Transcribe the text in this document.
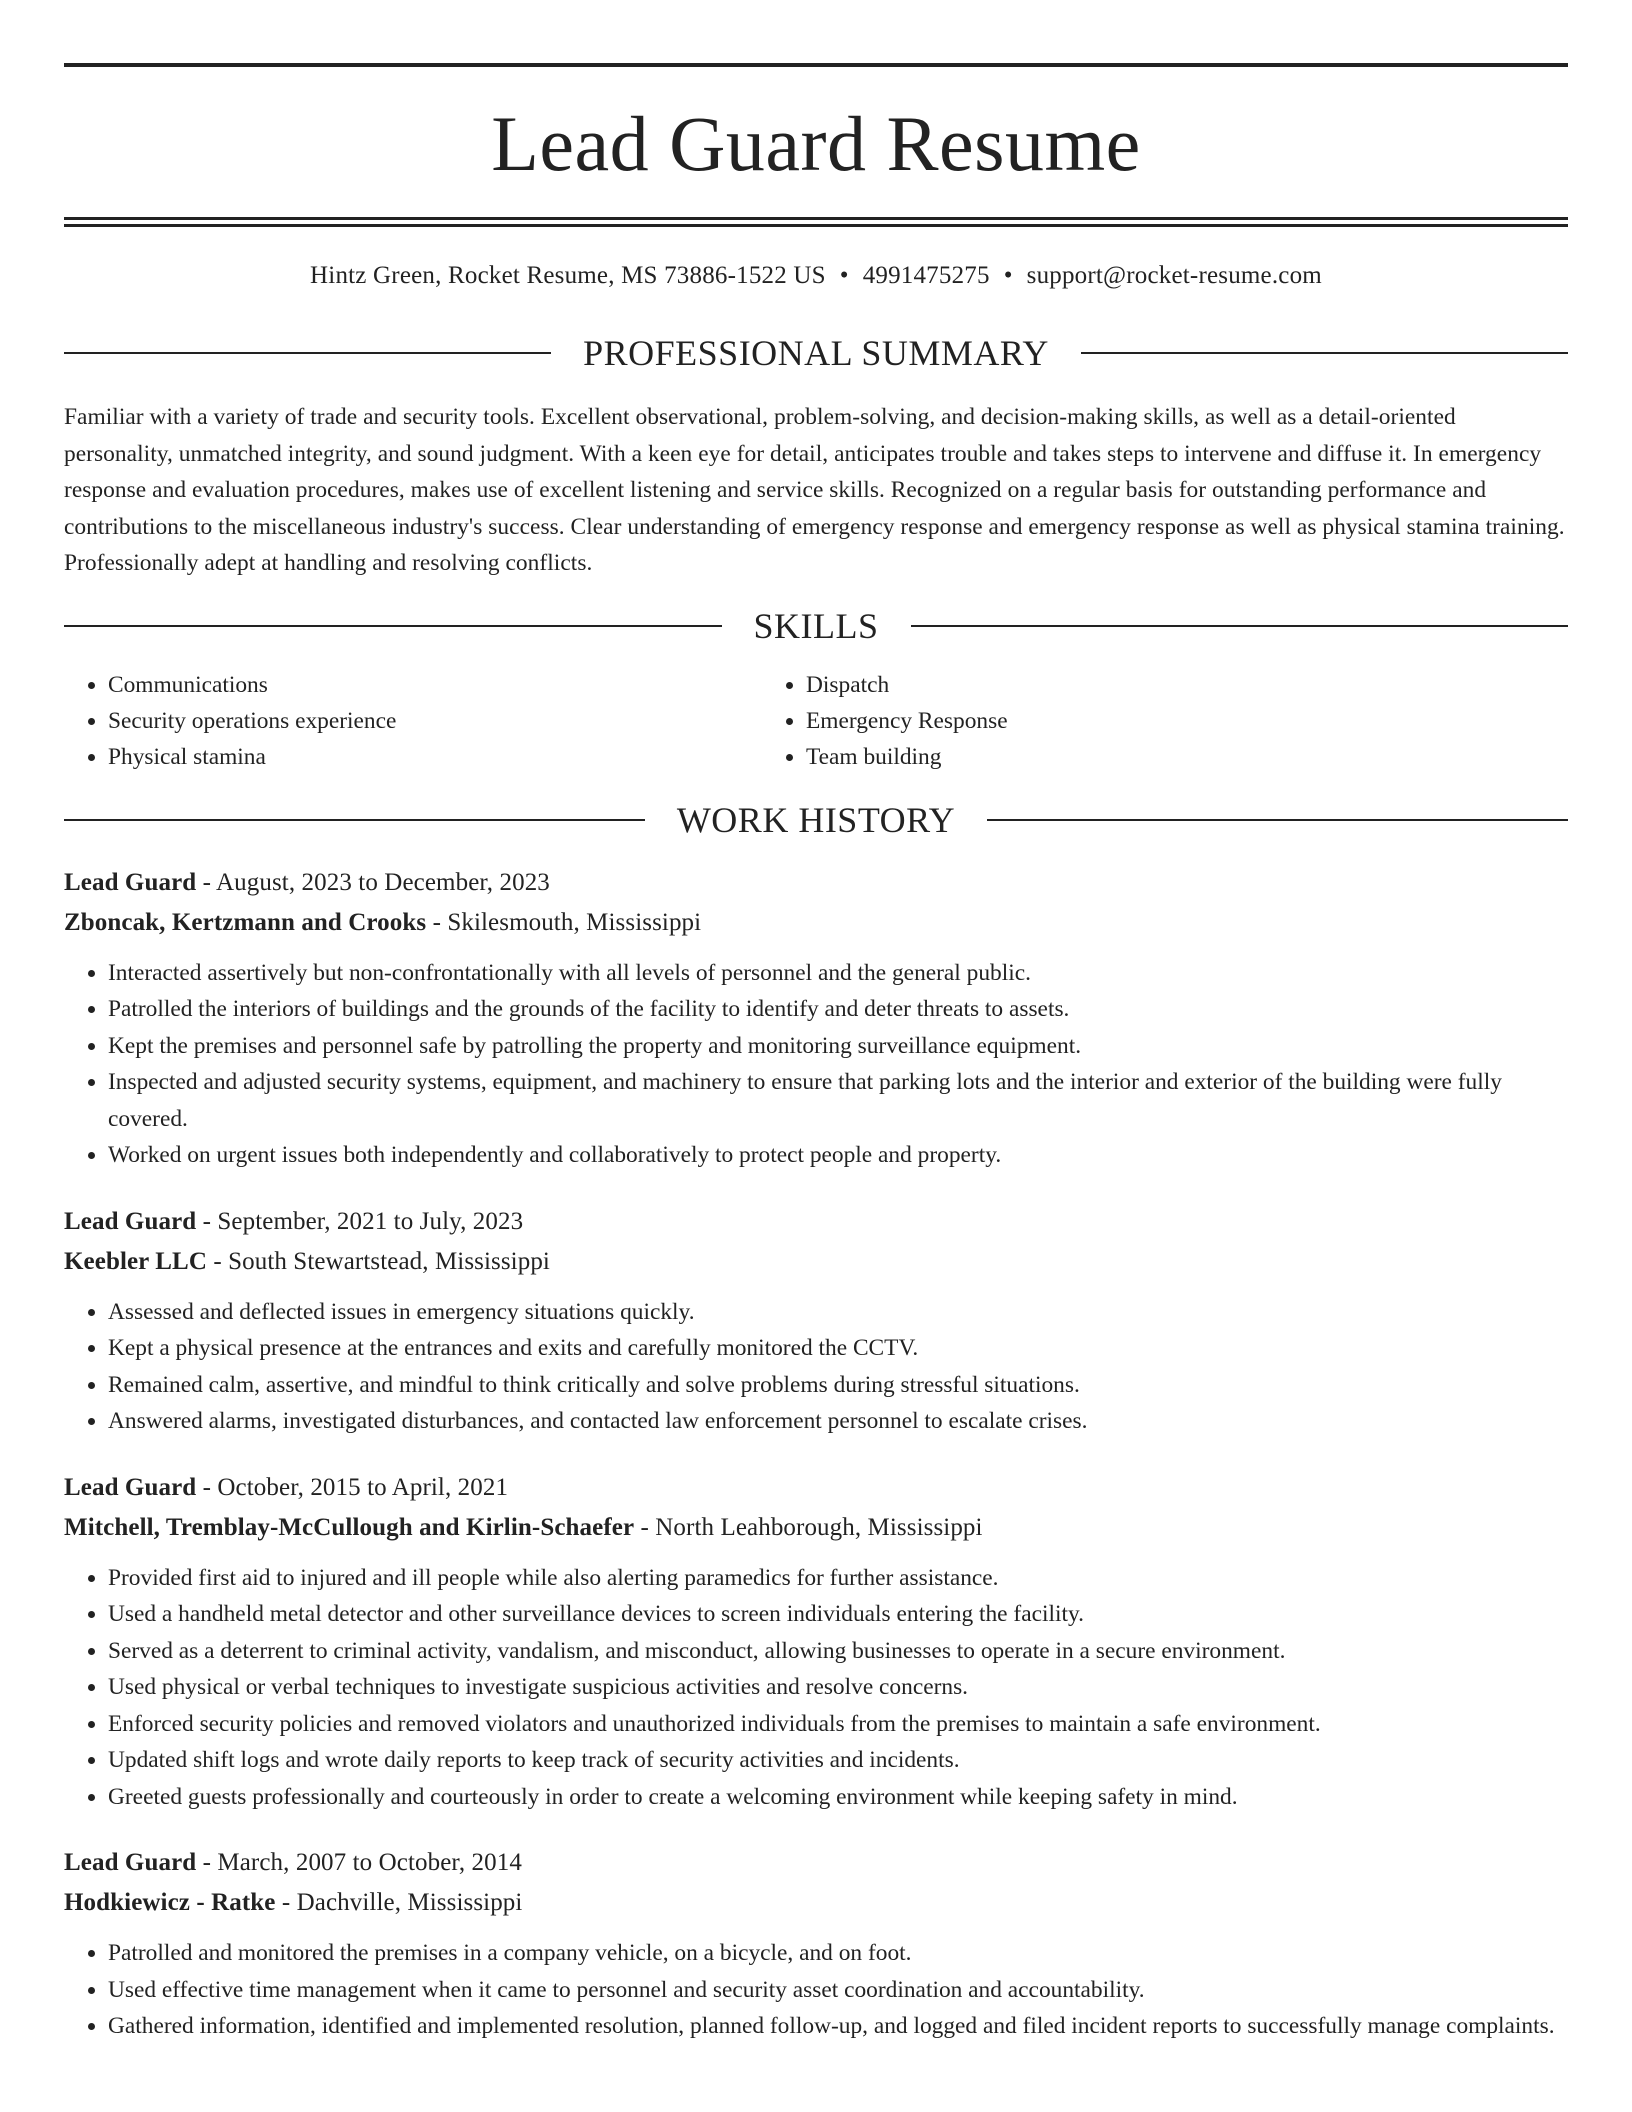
Lead Guard Resume
Hintz Green, Rocket Resume, MS 73886-1522 US • 4991475275 • support@rocket-resume.com
PROFESSIONAL SUMMARY

Familiar with a variety of trade and security tools. Excellent observational, problem-solving, and decision-making skills, as well as a detail-oriented personality, unmatched integrity, and sound judgment. With a keen eye for detail, anticipates trouble and takes steps to intervene and diffuse it. In emergency response and evaluation procedures, makes use of excellent listening and service skills. Recognized on a regular basis for outstanding performance and contributions to the miscellaneous industry's success. Clear understanding of emergency response and emergency response as well as physical stamina training. Professionally adept at handling and resolving conflicts.

SKILLS
• Communications
• Security operations experience
• Physical stamina
• Dispatch
• Emergency Response
• Team building
WORK HISTORY

Lead Guard - August, 2023 to December, 2023

Zboncak, Kertzmann and Crooks - Skilesmouth, Mississippi

• Interacted assertively but non-confrontationally with all levels of personnel and the general public.
• Patrolled the interiors of buildings and the grounds of the facility to identify and deter threats to assets.
• Kept the premises and personnel safe by patrolling the property and monitoring surveillance equipment.
• Inspected and adjusted security systems, equipment, and machinery to ensure that parking lots and the interior and exterior of the building were fully covered.
• Worked on urgent issues both independently and collaboratively to protect people and property.

Lead Guard - September, 2021 to July, 2023

Keebler LLC - South Stewartstead, Mississippi

• Assessed and deflected issues in emergency situations quickly.
• Kept a physical presence at the entrances and exits and carefully monitored the CCTV.
• Remained calm, assertive, and mindful to think critically and solve problems during stressful situations.
• Answered alarms, investigated disturbances, and contacted law enforcement personnel to escalate crises.

Lead Guard - October, 2015 to April, 2021

Mitchell, Tremblay-McCullough and Kirlin-Schaefer - North Leahborough, Mississippi

• Provided first aid to injured and ill people while also alerting paramedics for further assistance.
• Used a handheld metal detector and other surveillance devices to screen individuals entering the facility.
• Served as a deterrent to criminal activity, vandalism, and misconduct, allowing businesses to operate in a secure environment.
• Used physical or verbal techniques to investigate suspicious activities and resolve concerns.
• Enforced security policies and removed violators and unauthorized individuals from the premises to maintain a safe environment.
• Updated shift logs and wrote daily reports to keep track of security activities and incidents.
• Greeted guests professionally and courteously in order to create a welcoming environment while keeping safety in mind.

Lead Guard - March, 2007 to October, 2014

Hodkiewicz - Ratke - Dachville, Mississippi

• Patrolled and monitored the premises in a company vehicle, on a bicycle, and on foot.
• Used effective time management when it came to personnel and security asset coordination and accountability.
• Gathered information, identified and implemented resolution, planned follow-up, and logged and filed incident reports to successfully manage complaints.
